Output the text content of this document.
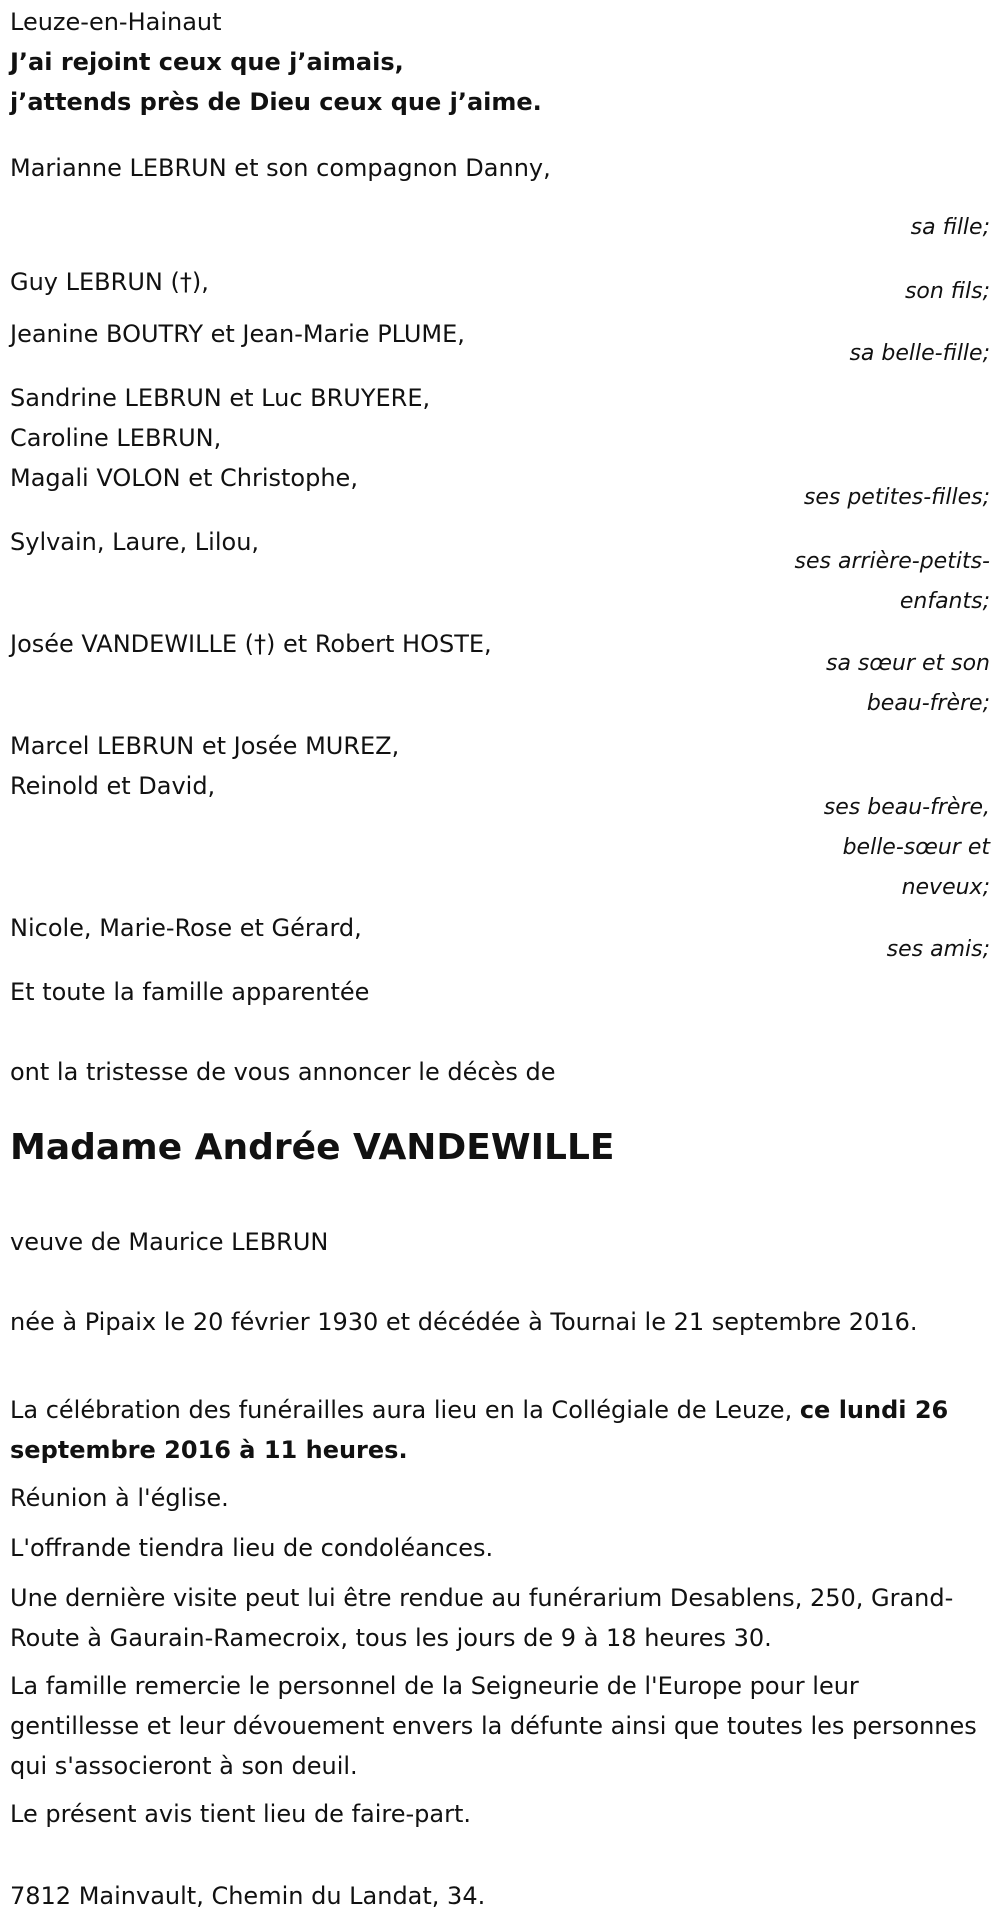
Leuze-en-Hainaut
J’ai rejoint ceux que j’aimais,
j’attends près de Dieu ceux que j’aime.
Marianne LEBRUN et son compagnon Danny,
sa fille;
Guy LEBRUN (†),	son fils;
Jeanine BOUTRY et Jean-Marie PLUME,
sa belle-fille;
Sandrine LEBRUN et Luc BRUYERE,
Caroline LEBRUN,
Magali VOLON et Christophe,
ses petites-filles;
Sylvain, Laure, Lilou,
ses arrière-petits-
enfants;
Josée VANDEWILLE (†) et Robert HOSTE,
sa sœur et son
beau-frère;
Marcel LEBRUN et Josée MUREZ,
Reinold et David,
ses beau-frère,
belle-sœur et
neveux;
Nicole, Marie-Rose et Gérard,
ses amis;
Et toute la famille apparentée
ont la tristesse de vous annoncer le décès de
Madame Andrée VANDEWILLE
veuve de Maurice LEBRUN
née à Pipaix le 20 février 1930 et décédée à Tournai le 21 septembre 2016.
La célébration des funérailles aura lieu en la Collégiale de Leuze, ce lundi 26 septembre 2016 à 11 heures.
Réunion à l'église.
L'offrande tiendra lieu de condoléances.
Une dernière visite peut lui être rendue au funérarium Desablens, 250, Grand-Route à Gaurain-Ramecroix, tous les jours de 9 à 18 heures 30.
La famille remercie le personnel de la Seigneurie de l'Europe pour leur gentillesse et leur dévouement envers la défunte ainsi que toutes les personnes qui s'associeront à son deuil.
Le présent avis tient lieu de faire-part.
7812 Mainvault, Chemin du Landat, 34.
